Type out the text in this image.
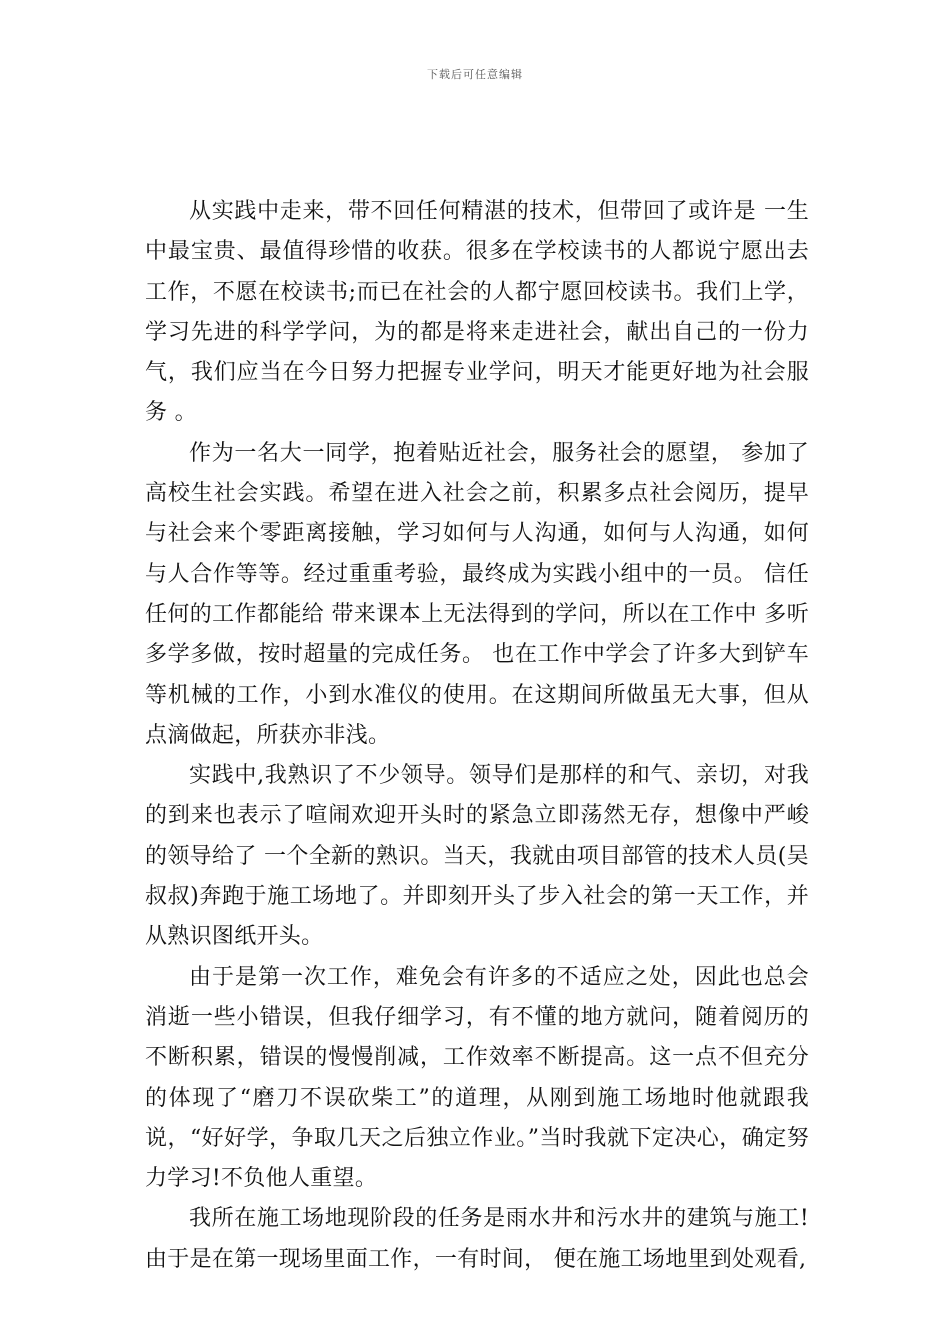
下载后可任意编辑

从实践中走来，带不回任何精湛的技术，但带回了或许是 一生中最宝贵、最值得珍惜的收获。很多在学校读书的人都说宁愿出去工作，不愿在校读书;而已在社会的人都宁愿回校读书。我们上学，学习先进的科学学问，为的都是将来走进社会，献出自己的一份力气，我们应当在今日努力把握专业学问，明天才能更好地为社会服务 。

作为一名大一同学，抱着贴近社会，服务社会的愿望， 参加了高校生社会实践。希望在进入社会之前，积累多点社会阅历，提早与社会来个零距离接触，学习如何与人沟通，如何与人沟通，如何与人合作等等。经过重重考验，最终成为实践小组中的一员。 信任任何的工作都能给 带来课本上无法得到的学问，所以在工作中 多听多学多做，按时超量的完成任务。 也在工作中学会了许多大到铲车等机械的工作，小到水准仪的使用。在这期间所做虽无大事，但从点滴做起，所获亦非浅。

实践中,我熟识了不少领导。领导们是那样的和气、亲切，对我的到来也表示了喧闹欢迎开头时的紧急立即荡然无存，想像中严峻的领导给了 一个全新的熟识。当天，我就由项目部管的技术人员(吴叔叔)奔跑于施工场地了。并即刻开头了步入社会的第一天工作，并从熟识图纸开头。

由于是第一次工作，难免会有许多的不适应之处，因此也总会消逝一些小错误，但我仔细学习，有不懂的地方就问，随着阅历的不断积累，错误的慢慢削减，工作效率不断提高。这一点不但充分的体现了“磨刀不误砍柴工”的道理，从刚到施工场地时他就跟我说，“好好学，争取几天之后独立作业。”当时我就下定决心，确定努力学习!不负他人重望。

我所在施工场地现阶段的任务是雨水井和污水井的建筑与施工!由于是在第一现场里面工作，一有时间， 便在施工场地里到处观看,
